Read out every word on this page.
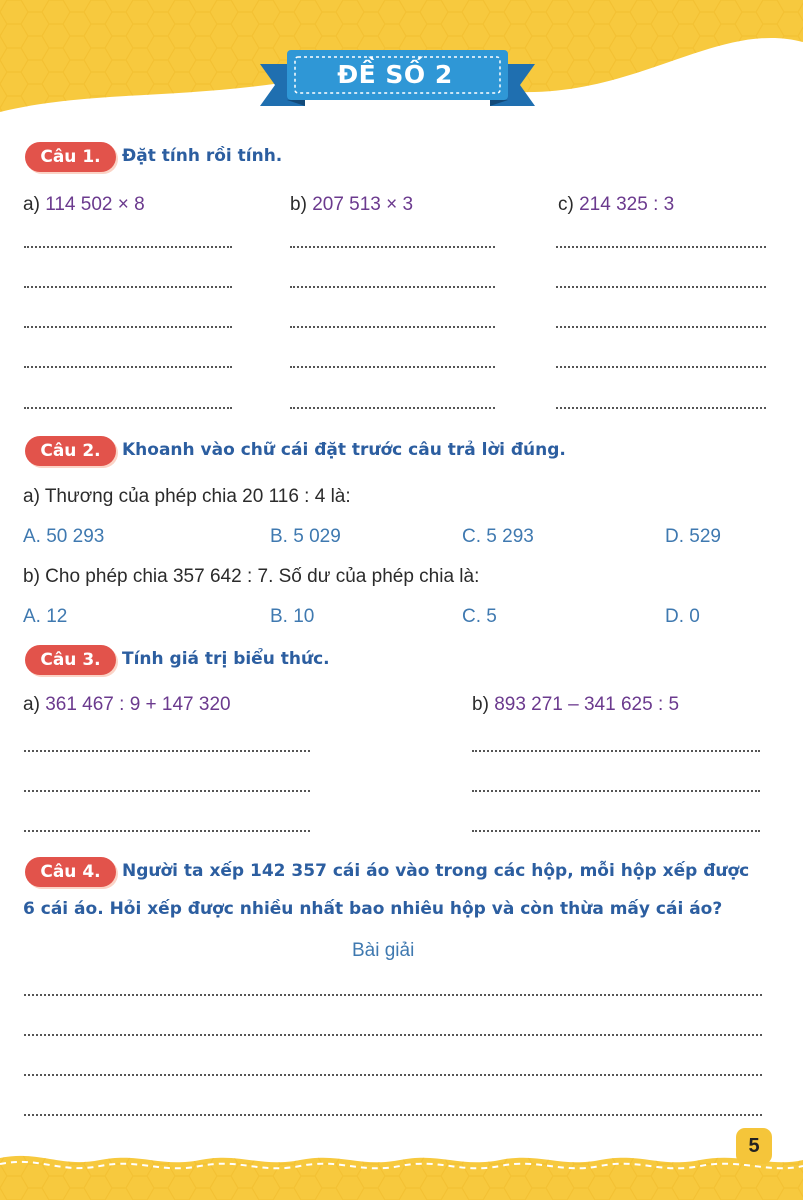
ĐỀ SỐ 2
Câu 1.	Đặt tính rồi tính.
a) 114 502 × 8	b) 207 513 × 3	c) 214 325 : 3
Câu 2.	Khoanh vào chữ cái đặt trước câu trả lời đúng.
a) Thương của phép chia 20 116 : 4 là:
A. 50 293	B. 5 029	C. 5 293	D. 529
b) Cho phép chia 357 642 : 7. Số dư của phép chia là:
A. 12	B. 10	C. 5	D. 0
Câu 3.	Tính giá trị biểu thức.
a) 361 467 : 9 + 147 320	b) 893 271 – 341 625 : 5
Câu 4.	Người ta xếp 142 357 cái áo vào trong các hộp, mỗi hộp xếp được
6 cái áo. Hỏi xếp được nhiều nhất bao nhiêu hộp và còn thừa mấy cái áo?
Bài giải
5
